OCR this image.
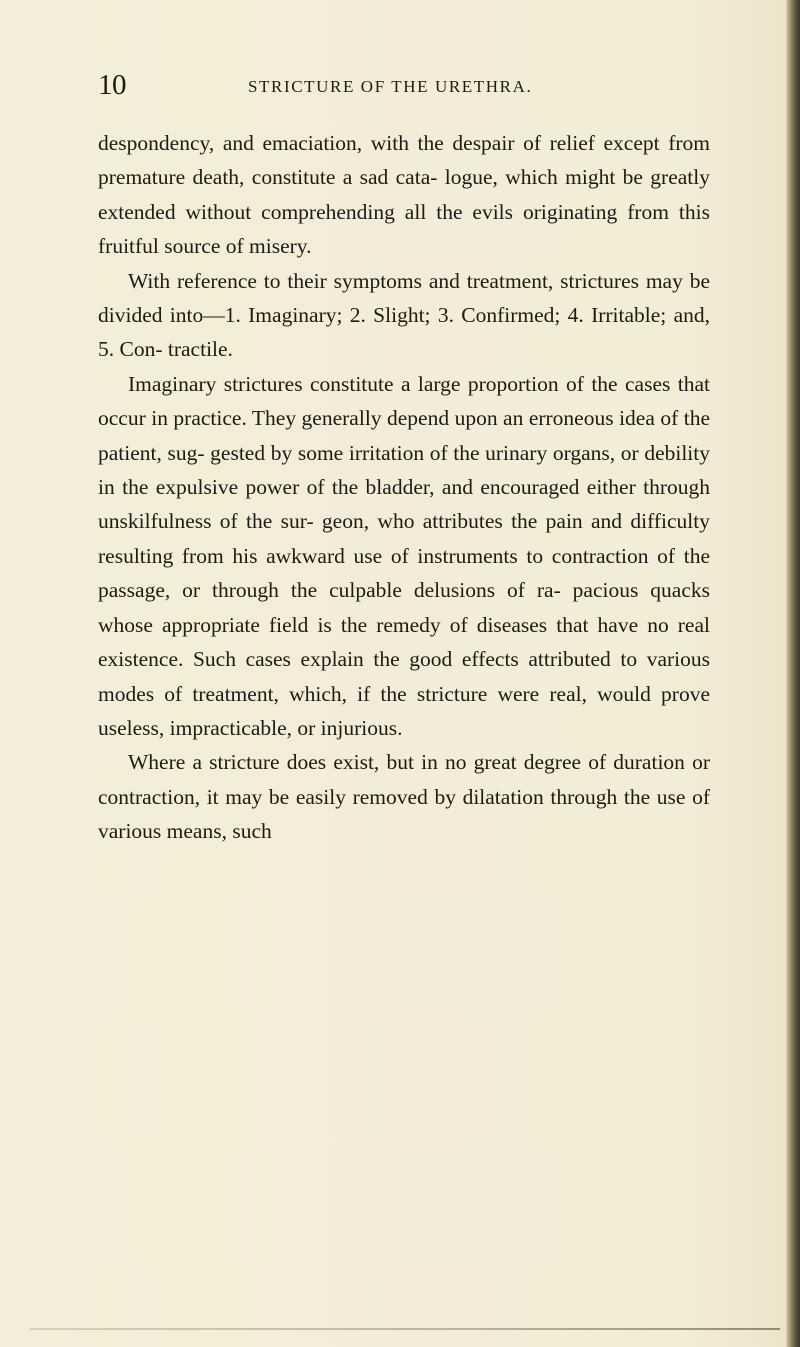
10	STRICTURE OF THE URETHRA.

despondency, and emaciation, with the despair of relief except from premature death, constitute a sad cata- logue, which might be greatly extended without comprehending all the evils originating from this fruitful source of misery.

With reference to their symptoms and treatment, strictures may be divided into—1. Imaginary; 2. Slight; 3. Confirmed; 4. Irritable; and, 5. Con- tractile.

Imaginary strictures constitute a large proportion of the cases that occur in practice. They generally depend upon an erroneous idea of the patient, sug- gested by some irritation of the urinary organs, or debility in the expulsive power of the bladder, and encouraged either through unskilfulness of the sur- geon, who attributes the pain and difficulty resulting from his awkward use of instruments to contraction of the passage, or through the culpable delusions of ra- pacious quacks whose appropriate field is the remedy of diseases that have no real existence. Such cases explain the good effects attributed to various modes of treatment, which, if the stricture were real, would prove useless, impracticable, or injurious.

Where a stricture does exist, but in no great degree of duration or contraction, it may be easily removed by dilatation through the use of various means, such
